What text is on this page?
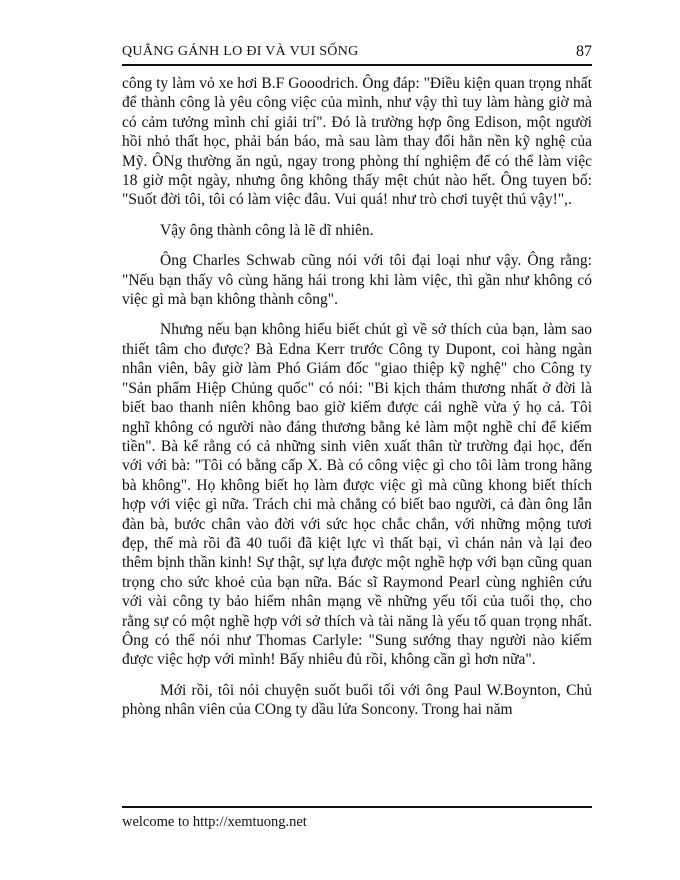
QUẲNG GÁNH LO ĐI VÀ VUI SỐNG	87

công ty làm vỏ xe hơi B.F Gooodrich. Ông đáp: "Điều kiện quan trọng nhất để thành công là yêu công việc của mình, như vậy thì tuy làm hàng giờ mà có cảm tưởng mình chỉ giải trí". Đó là trường hợp ông Edison, một người hồi nhỏ thất học, phải bán báo, mà sau làm thay đổi hẳn nền kỹ nghệ của Mỹ. ÔNg thường ăn ngủ, ngay trong phòng thí nghiệm để có thể làm việc 18 giờ một ngày, nhưng ông không thấy mệt chút nào hết. Ông tuyen bố: "Suốt đời tôi, tôi có làm việc đâu. Vui quá! như trò chơi tuyệt thú vậy!",.

Vậy ông thành công là lẽ dĩ nhiên.

Ông Charles Schwab cũng nói với tôi đại loại như vậy. Ông rằng: "Nếu bạn thấy vô cùng hăng hái trong khi làm việc, thì gần như không có việc gì mà bạn không thành công".

Nhưng nếu bạn không hiểu biết chút gì về sở thích của bạn, làm sao thiết tâm cho được? Bà Edna Kerr trước Công ty Dupont, coi hàng ngàn nhân viên, bây giờ làm Phó Giám đốc "giao thiệp kỹ nghệ" cho Công ty "Sản phẩm Hiệp Chủng quốc" có nói: "Bi kịch thảm thương nhất ở đời là biết bao thanh niên không bao giờ kiếm được cái nghề vừa ý họ cả. Tôi nghĩ không có người nào đáng thương bằng kẻ làm một nghề chỉ để kiếm tiền". Bà kể rằng có cả những sinh viên xuất thân từ trường đại học, đến với với bà: "Tôi có bằng cấp X. Bà có công việc gì cho tôi làm trong hãng bà không". Họ không biết họ làm được việc gì mà cũng khong biết thích hợp với việc gì nữa. Trách chi mà chẳng có biết bao người, cả đàn ông lẫn đàn bà, bước chân vào đời với sức học chắc chắn, với những mộng tươi đẹp, thế mà rồi đã 40 tuổi đã kiệt lực vì thất bại, vì chán nản và lại đeo thêm bịnh thần kinh! Sự thật, sự lựa được một nghề hợp với bạn cũng quan trọng cho sức khoẻ của bạn nữa. Bác sĩ Raymond Pearl cùng nghiên cứu với vài công ty bảo hiểm nhân mạng về những yếu tối của tuổi thọ, cho rằng sự có một nghề hợp với sở thích và tài năng là yếu tố quan trọng nhất. Ông có thể nói như Thomas Carlyle: "Sung sướng thay người nào kiếm được việc hợp với mình! Bấy nhiêu đủ rồi, không cần gì hơn nữa".

Mới rồi, tôi nói chuyện suốt buổi tối với ông Paul W.Boynton, Chủ phòng nhân viên của COng ty dầu lửa Soncony. Trong hai năm

welcome to http://xemtuong.net
